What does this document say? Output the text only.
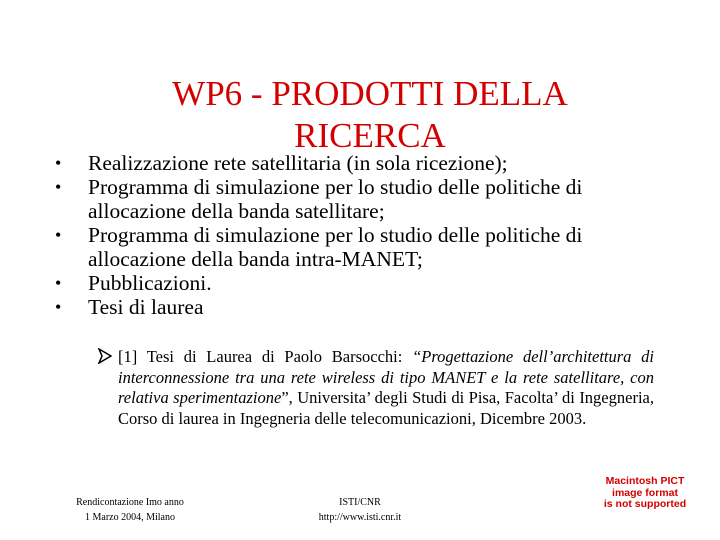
WP6 - PRODOTTI DELLA
RICERCA
•	Realizzazione rete satellitaria (in sola ricezione);
•	Programma di simulazione per lo studio delle politiche di allocazione della banda satellitare;
•	Programma di simulazione per lo studio delle politiche di allocazione della banda intra-MANET;
•	Pubblicazioni.
•	Tesi di laurea
[1] Tesi di Laurea di Paolo Barsocchi: “Progettazione dell’architettura di interconnessione tra una rete wireless di tipo MANET e la rete satellitare, con relativa sperimentazione”, Universita’ degli Studi di Pisa, Facolta’ di Ingegneria, Corso di laurea in Ingegneria delle telecomunicazioni, Dicembre 2003.
Rendicontazione Imo anno
1 Marzo 2004, Milano
ISTI/CNR
http://www.isti.cnr.it
Macintosh PICT
image format
is not supported
